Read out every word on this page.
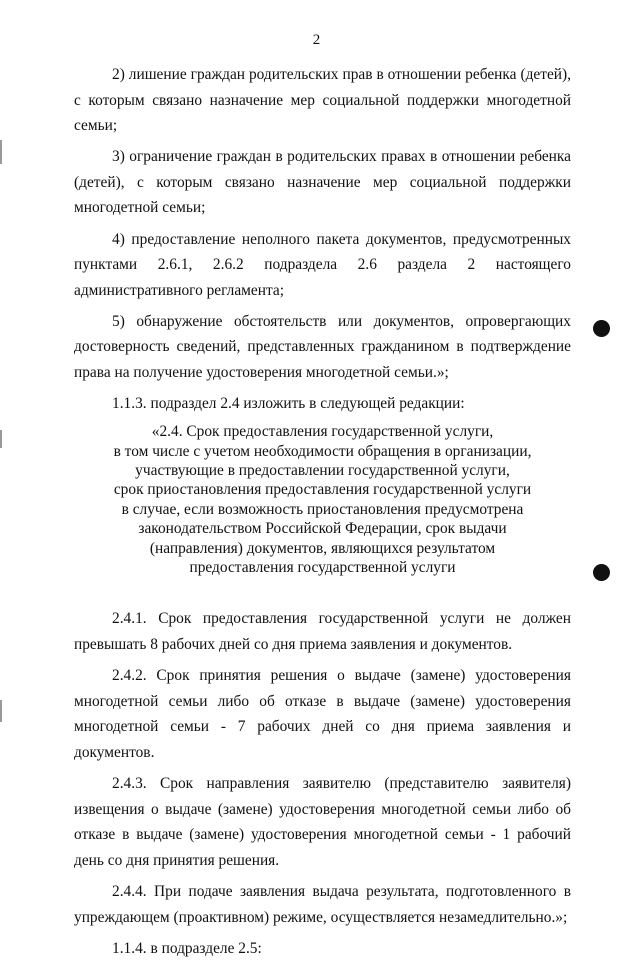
2

2) лишение граждан родительских прав в отношении ребенка (детей), с которым связано назначение мер социальной поддержки многодетной семьи;

3) ограничение граждан в родительских правах в отношении ребенка (детей), с которым связано назначение мер социальной поддержки многодетной семьи;

4) предоставление неполного пакета документов, предусмотренных пунктами 2.6.1, 2.6.2 подраздела 2.6 раздела 2 настоящего административного регламента;

5) обнаружение обстоятельств или документов, опровергающих достоверность сведений, представленных гражданином в подтверждение права на получение удостоверения многодетной семьи.»;

1.1.3. подраздел 2.4 изложить в следующей редакции:

«2.4. Срок предоставления государственной услуги,
в том числе с учетом необходимости обращения в организации,
участвующие в предоставлении государственной услуги,
срок приостановления предоставления государственной услуги
в случае, если возможность приостановления предусмотрена
законодательством Российской Федерации, срок выдачи
(направления) документов, являющихся результатом
предоставления государственной услуги

2.4.1. Срок предоставления государственной услуги не должен превышать 8 рабочих дней со дня приема заявления и документов.

2.4.2. Срок принятия решения о выдаче (замене) удостоверения многодетной семьи либо об отказе в выдаче (замене) удостоверения многодетной семьи - 7 рабочих дней со дня приема заявления и документов.

2.4.3. Срок направления заявителю (представителю заявителя) извещения о выдаче (замене) удостоверения многодетной семьи либо об отказе в выдаче (замене) удостоверения многодетной семьи - 1 рабочий день со дня принятия решения.

2.4.4. При подаче заявления выдача результата, подготовленного в упреждающем (проактивном) режиме, осуществляется незамедлительно.»;

1.1.4. в подразделе 2.5:
